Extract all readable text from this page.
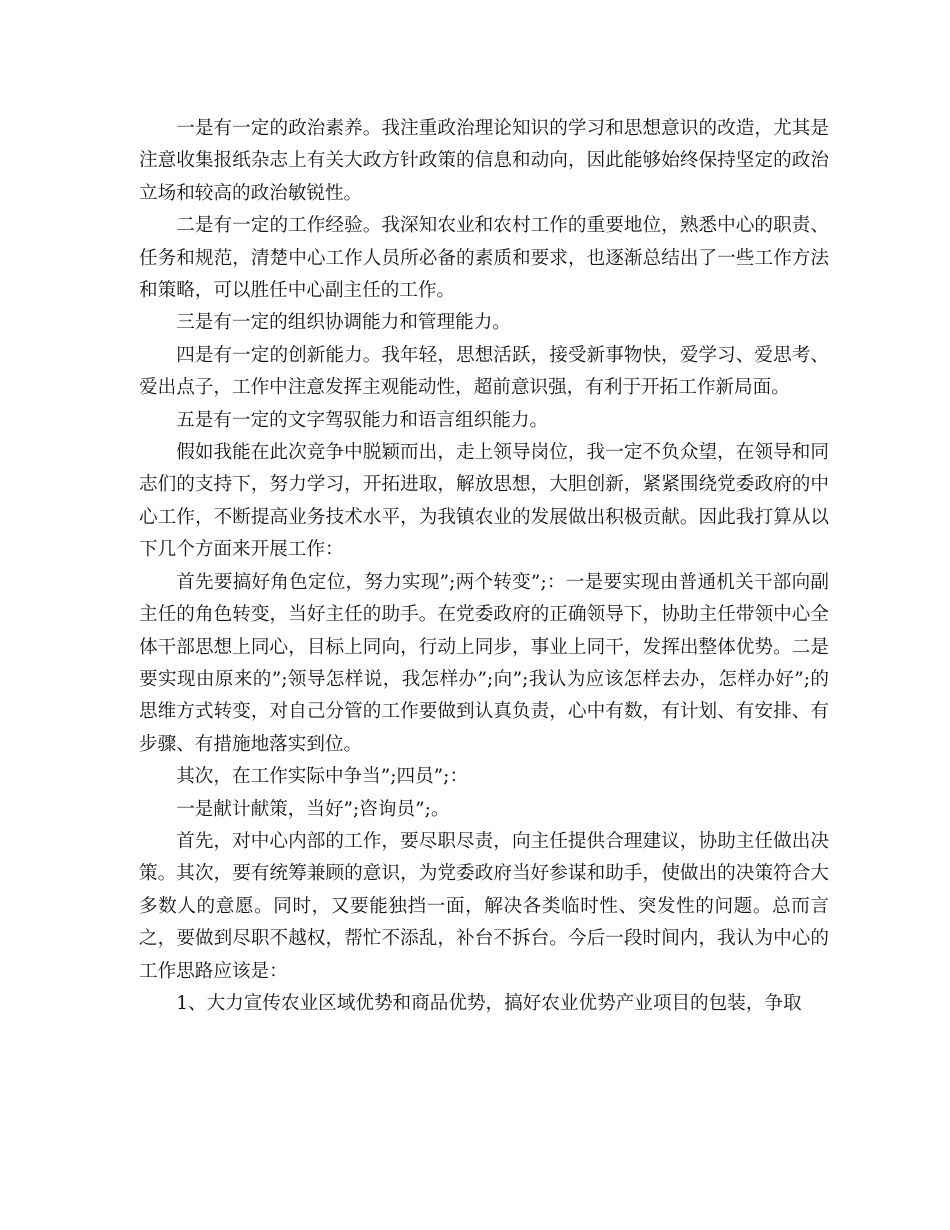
一是有一定的政治素养。我注重政治理论知识的学习和思想意识的改造，尤其是注意收集报纸杂志上有关大政方针政策的信息和动向，因此能够始终保持坚定的政治立场和较高的政治敏锐性。

二是有一定的工作经验。我深知农业和农村工作的重要地位，熟悉中心的职责、任务和规范，清楚中心工作人员所必备的素质和要求，也逐渐总结出了一些工作方法和策略，可以胜任中心副主任的工作。

三是有一定的组织协调能力和管理能力。

四是有一定的创新能力。我年轻，思想活跃，接受新事物快，爱学习、爱思考、爱出点子，工作中注意发挥主观能动性，超前意识强，有利于开拓工作新局面。

五是有一定的文字驾驭能力和语言组织能力。

假如我能在此次竞争中脱颖而出，走上领导岗位，我一定不负众望，在领导和同志们的支持下，努力学习，开拓进取，解放思想，大胆创新，紧紧围绕党委政府的中心工作，不断提高业务技术水平，为我镇农业的发展做出积极贡献。因此我打算从以下几个方面来开展工作：

首先要搞好角色定位，努力实现”;两个转变”;：一是要实现由普通机关干部向副主任的角色转变，当好主任的助手。在党委政府的正确领导下，协助主任带领中心全体干部思想上同心，目标上同向，行动上同步，事业上同干，发挥出整体优势。二是要实现由原来的”;领导怎样说，我怎样办”;向”;我认为应该怎样去办，怎样办好”;的思维方式转变，对自己分管的工作要做到认真负责，心中有数，有计划、有安排、有步骤、有措施地落实到位。

其次，在工作实际中争当”;四员”;：

一是献计献策，当好”;咨询员”;。

首先，对中心内部的工作，要尽职尽责，向主任提供合理建议，协助主任做出决策。其次，要有统筹兼顾的意识，为党委政府当好参谋和助手，使做出的决策符合大多数人的意愿。同时，又要能独挡一面，解决各类临时性、突发性的问题。总而言之，要做到尽职不越权，帮忙不添乱，补台不拆台。今后一段时间内，我认为中心的工作思路应该是：

1、大力宣传农业区域优势和商品优势，搞好农业优势产业项目的包装，争取
